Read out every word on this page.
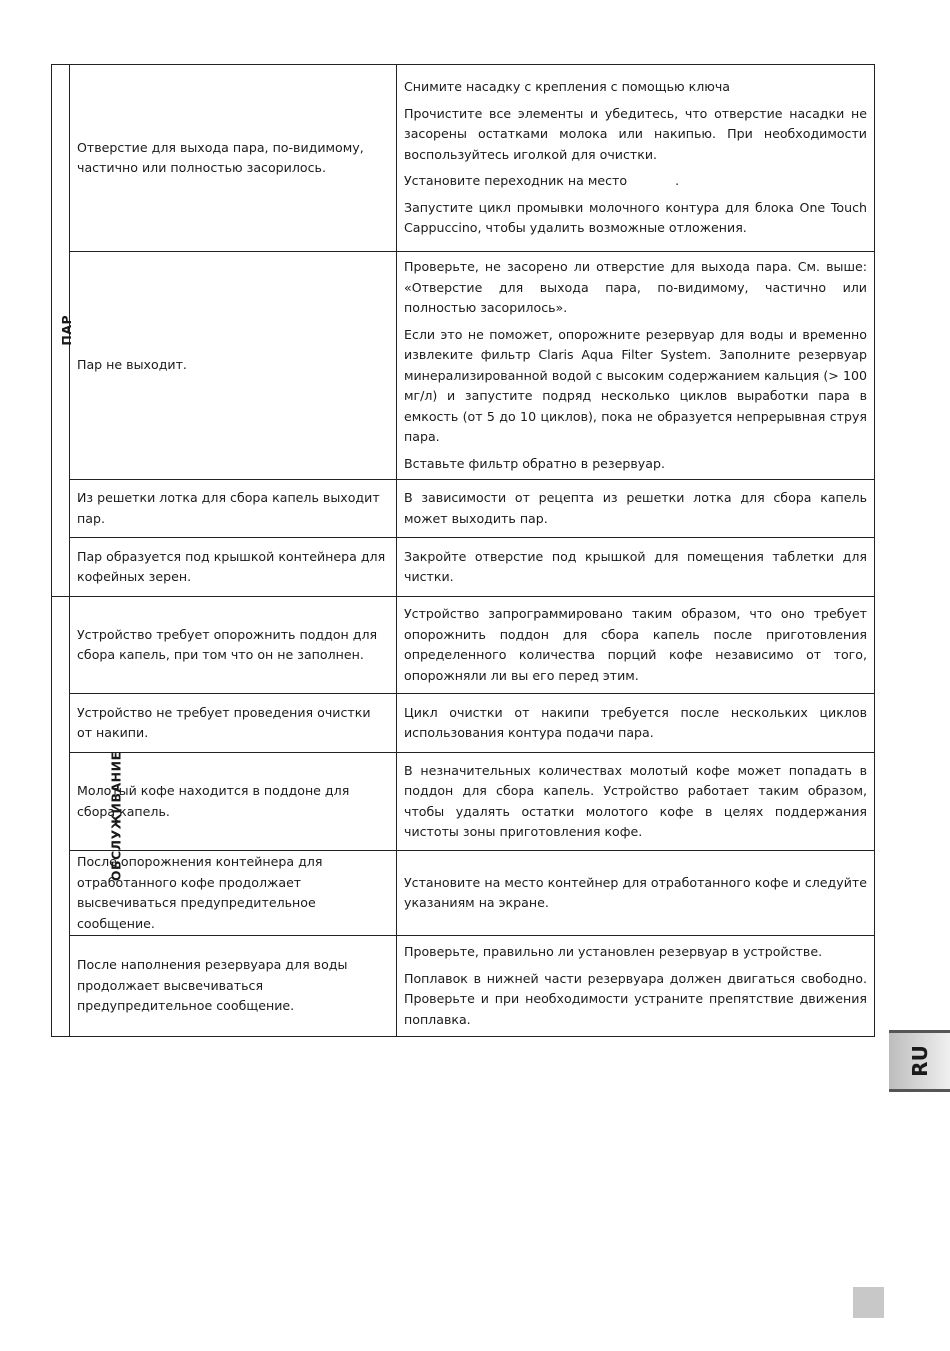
ПАР	Отверстие для выхода пара, по-видимому, частично или полностью засорилось.	Снимите насадку с крепления с помощью ключа

Прочистите все элементы и убедитесь, что отверстие насадки не засорены остатками молока или накипью. При необходимости воспользуйтесь иголкой для очистки.

Установите переходник на место            .

Запустите цикл промывки молочного контура для блока One Touch Cappuccino, чтобы удалить возможные отложения.

	Пар не выходит.	Проверьте, не засорено ли отверстие для выхода пара. См. выше: «Отверстие для выхода пара, по-видимому, частично или полностью засорилось».

Если это не поможет, опорожните резервуар для воды и временно извлеките фильтр Claris Aqua Filter System. Заполните резервуар минерализированной водой с высоким содержанием кальция (> 100 мг/л) и запустите подряд несколько циклов выработки пара в емкость (от 5 до 10 циклов), пока не образуется непрерывная струя пара.

Вставьте фильтр обратно в резервуар.

	Из решетки лотка для сбора капель выходит пар.	В зависимости от рецепта из решетки лотка для сбора капель может выходить пар.

	Пар образуется под крышкой контейнера для кофейных зерен.	Закройте отверстие под крышкой для помещения таблетки для чистки.

ОБСЛУЖИВАНИЕ	Устройство требует опорожнить поддон для сбора капель, при том что он не заполнен.	Устройство запрограммировано таким образом, что оно требует опорожнить поддон для сбора капель после приготовления определенного количества порций кофе независимо от того, опорожняли ли вы его перед этим.

	Устройство не требует проведения очистки от накипи.	Цикл очистки от накипи требуется после нескольких циклов использования контура подачи пара.

	Молотый кофе находится в поддоне для сбора капель.	В незначительных количествах молотый кофе может попадать в поддон для сбора капель. Устройство работает таким образом, чтобы удалять остатки молотого кофе в целях поддержания чистоты зоны приготовления кофе.

	После опорожнения контейнера для отработанного кофе продолжает высвечиваться предупредительное сообщение.	Установите на место контейнер для отработанного кофе и следуйте указаниям на экране.

	После наполнения резервуара для воды продолжает высвечиваться предупредительное сообщение.	Проверьте, правильно ли установлен резервуар в устройстве.

Поплавок в нижней части резервуара должен двигаться свободно. Проверьте и при необходимости устраните препятствие движения поплавка.

RU
